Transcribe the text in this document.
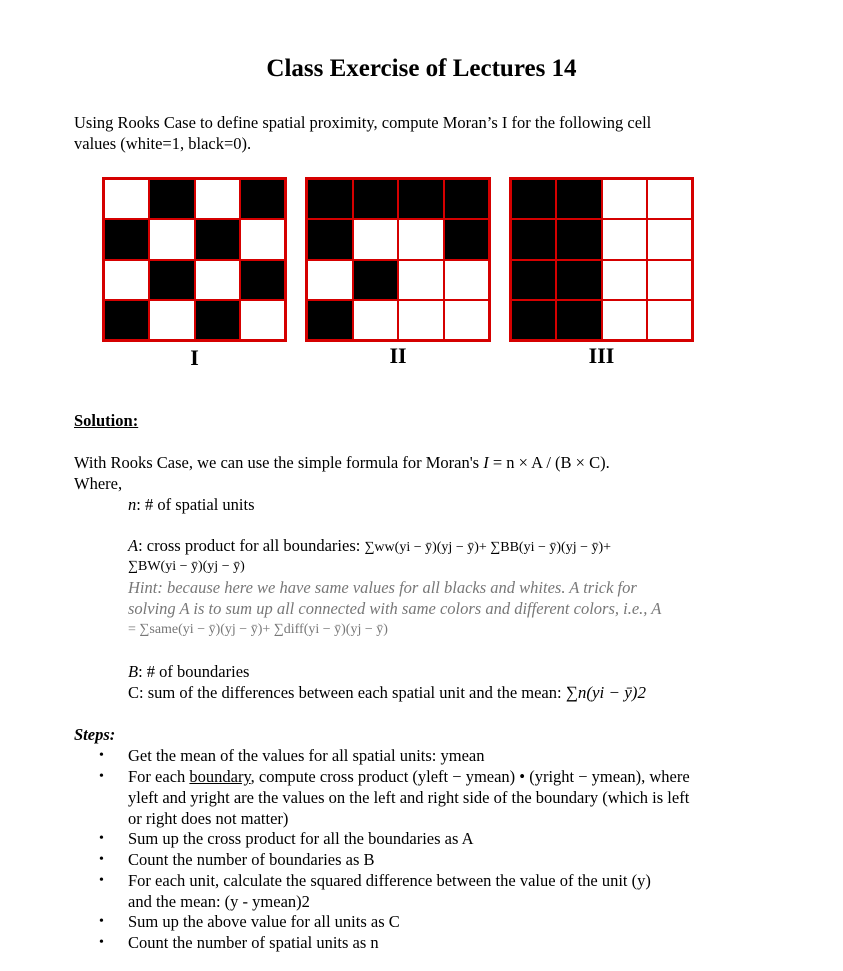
Class Exercise of Lectures 14
Using Rooks Case to define spatial proximity, compute Moran’s I for the following cell
values (white=1, black=0).
I	II	III
Solution:
With Rooks Case, we can use the simple formula for Moran's I = n × A / (B × C).
Where,
n: # of spatial units
A: cross product for all boundaries: ∑ww(yi − ȳ)(yj − ȳ)+ ∑BB(yi − ȳ)(yj − ȳ)+
∑BW(yi − ȳ)(yj − ȳ)
Hint: because here we have same values for all blacks and whites. A trick for
solving A is to sum up all connected with same colors and different colors, i.e., A
= ∑same(yi − ȳ)(yj − ȳ)+ ∑diff(yi − ȳ)(yj − ȳ)
B: # of boundaries
C: sum of the differences between each spatial unit and the mean: ∑n(yi − ȳ)2
Steps:
• Get the mean of the values for all spatial units: ymean
• For each boundary, compute cross product (yleft − ymean) • (yright − ymean), where
yleft and yright are the values on the left and right side of the boundary (which is left
or right does not matter)
• Sum up the cross product for all the boundaries as A
• Count the number of boundaries as B
• For each unit, calculate the squared difference between the value of the unit (y)
and the mean: (y - ymean)2
• Sum up the above value for all units as C
• Count the number of spatial units as n
